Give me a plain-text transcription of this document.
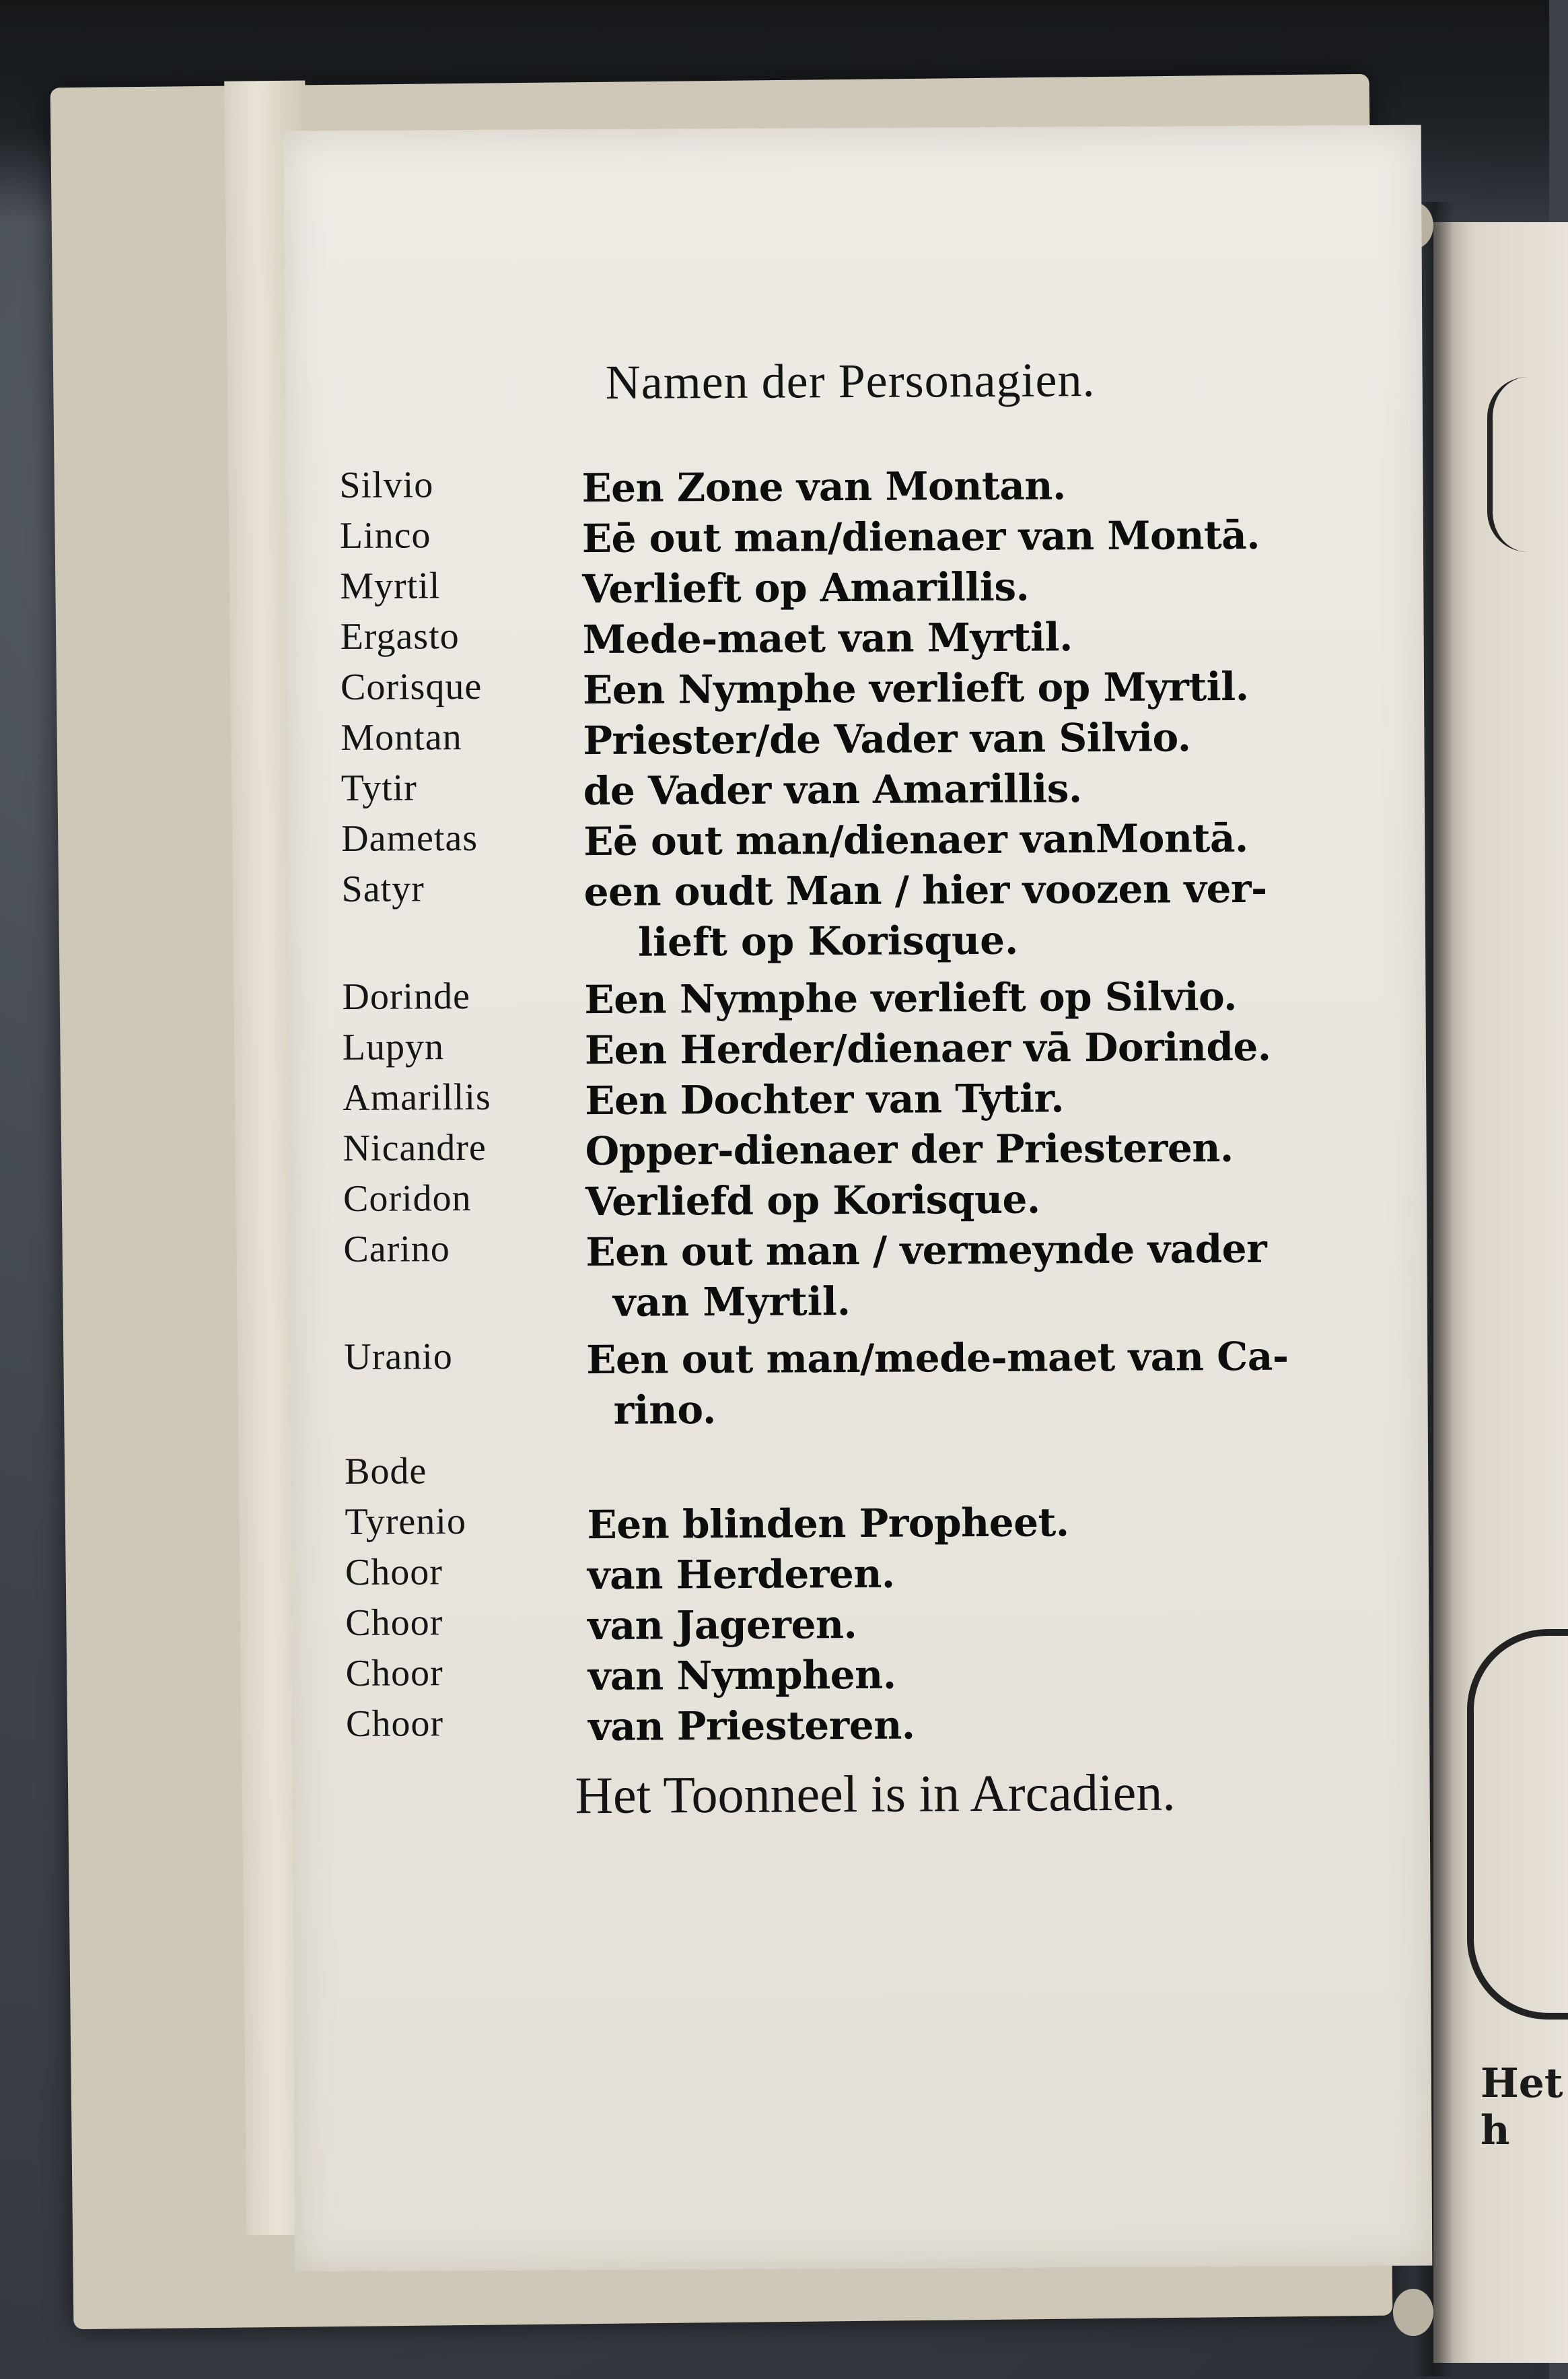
Het h
Namen der Personagien.
Silvio	Een Zone van Montan.
Linco	Eē out man/dienaer van Montā.
Myrtil	Verlieft op Amarillis.
Ergasto	Mede-maet van Myrtil.
Corisque	Een Nymphe verlieft op Myrtil.
Montan	Priester/de Vader van Silvio.
Tytir	de Vader van Amarillis.
Dametas	Eē out man/dienaer vanMontā.
Satyr	een oudt Man / hier voozen ver-
lieft op Korisque.
Dorinde	Een Nymphe verlieft op Silvio.
Lupyn	Een Herder/dienaer vā Dorinde.
Amarillis Een Dochter van Tytir.
Nicandre	Opper-dienaer der Priesteren.
Coridon	Verliefd op Korisque.
Carino	Een out man / vermeynde vader
van Myrtil.
Uranio	Een out man/mede-maet van Ca-
rino.
Bode
Tyrenio	Een blinden Propheet.
Choor	van Herderen.
Choor	van Jageren.
Choor	van Nymphen.
Choor	van Priesteren.
Het Toonneel is in Arcadien.
